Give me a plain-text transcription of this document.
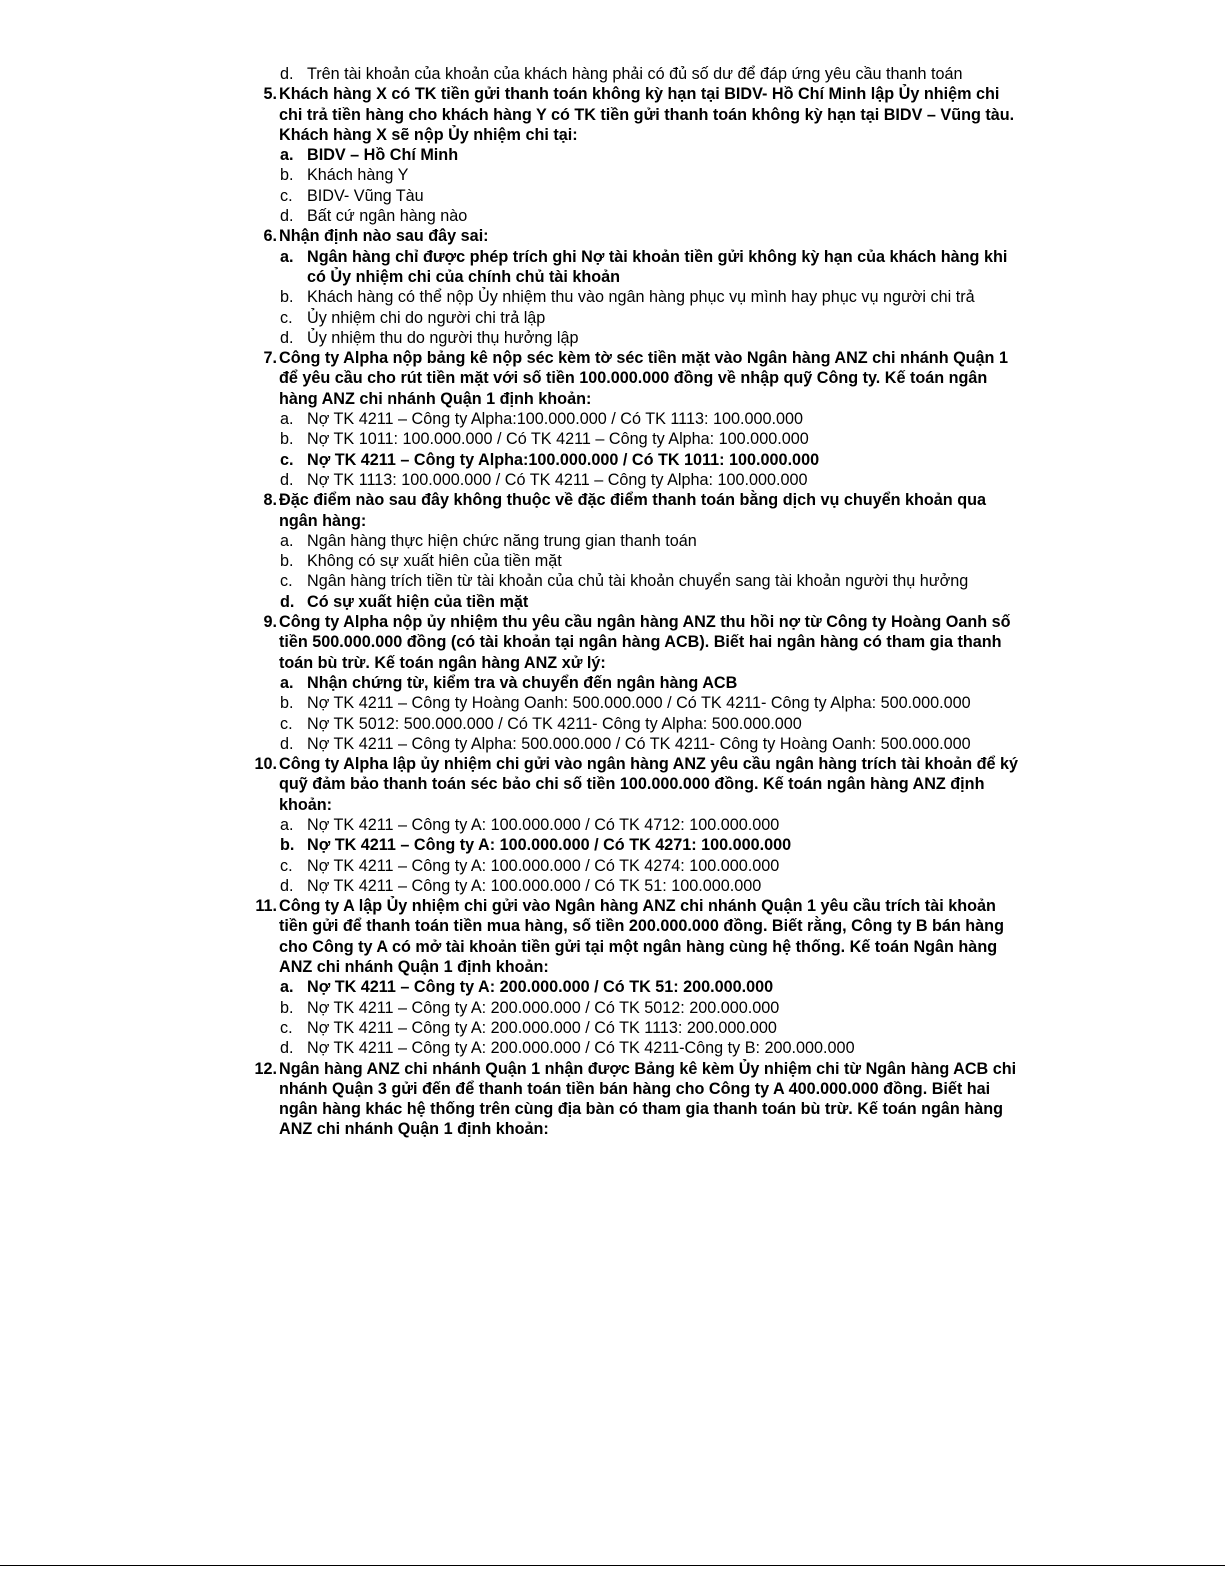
d. Trên tài khoản của khoản của khách hàng phải có đủ số dư để đáp ứng yêu cầu thanh toán
5. Khách hàng X có TK tiền gửi thanh toán không kỳ hạn tại BIDV- Hồ Chí Minh lập Ủy nhiệm chi chi trả tiền hàng cho khách hàng Y có TK tiền gửi thanh toán không kỳ hạn tại BIDV – Vũng tàu. Khách hàng X sẽ nộp Ủy nhiệm chi tại:
a. BIDV – Hồ Chí Minh
b. Khách hàng Y
c. BIDV- Vũng Tàu
d. Bất cứ ngân hàng nào
6. Nhận định nào sau đây sai:
a. Ngân hàng chỉ được phép trích ghi Nợ tài khoản tiền gửi không kỳ hạn của khách hàng khi có Ủy nhiệm chi của chính chủ tài khoản
b. Khách hàng có thể nộp Ủy nhiệm thu vào ngân hàng phục vụ mình hay phục vụ người chi trả
c. Ủy nhiệm chi do người chi trả lập
d. Ủy nhiệm thu do người thụ hưởng lập
7. Công ty Alpha nộp bảng kê nộp séc kèm tờ séc tiền mặt vào Ngân hàng ANZ chi nhánh Quận 1 để yêu cầu cho rút tiền mặt với số tiền 100.000.000 đồng về nhập quỹ Công ty. Kế toán ngân hàng ANZ chi nhánh Quận 1 định khoản:
a. Nợ TK 4211 – Công ty Alpha:100.000.000 / Có TK 1113: 100.000.000
b. Nợ TK 1011: 100.000.000 / Có TK 4211 – Công ty Alpha: 100.000.000
c. Nợ TK 4211 – Công ty Alpha:100.000.000 / Có TK 1011: 100.000.000
d. Nợ TK 1113: 100.000.000 / Có TK 4211 – Công ty Alpha: 100.000.000
8. Đặc điểm nào sau đây không thuộc về đặc điểm thanh toán bằng dịch vụ chuyển khoản qua ngân hàng:
a. Ngân hàng thực hiện chức năng trung gian thanh toán
b. Không có sự xuất hiên của tiền mặt
c. Ngân hàng trích tiền từ tài khoản của chủ tài khoản chuyển sang tài khoản người thụ hưởng
d. Có sự xuất hiện của tiền mặt
9. Công ty Alpha nộp ủy nhiệm thu yêu cầu ngân hàng ANZ thu hồi nợ từ Công ty Hoàng Oanh số tiền 500.000.000 đồng (có tài khoản tại ngân hàng ACB). Biết hai ngân hàng có tham gia thanh toán bù trừ. Kế toán ngân hàng ANZ xử lý:
a. Nhận chứng từ, kiểm tra và chuyển đến ngân hàng ACB
b. Nợ TK 4211 – Công ty Hoàng Oanh: 500.000.000 / Có TK 4211- Công ty Alpha: 500.000.000
c. Nợ TK 5012: 500.000.000 / Có TK 4211- Công ty Alpha: 500.000.000
d. Nợ TK 4211 – Công ty Alpha: 500.000.000 / Có TK 4211- Công ty Hoàng Oanh: 500.000.000
10. Công ty Alpha lập ủy nhiệm chi gửi vào ngân hàng ANZ yêu cầu ngân hàng trích tài khoản để ký quỹ đảm bảo thanh toán séc bảo chi số tiền 100.000.000 đồng. Kế toán ngân hàng ANZ định khoản:
a. Nợ TK 4211 – Công ty A: 100.000.000 / Có TK 4712: 100.000.000
b. Nợ TK 4211 – Công ty A: 100.000.000 / Có TK 4271: 100.000.000
c. Nợ TK 4211 – Công ty A: 100.000.000 / Có TK 4274: 100.000.000
d. Nợ TK 4211 – Công ty A: 100.000.000 / Có TK 51: 100.000.000
11. Công ty A lập Ủy nhiệm chi gửi vào Ngân hàng ANZ chi nhánh Quận 1 yêu cầu trích tài khoản tiền gửi để thanh toán tiền mua hàng, số tiền 200.000.000 đồng. Biết rằng, Công ty B bán hàng cho Công ty A có mở tài khoản tiền gửi tại một ngân hàng cùng hệ thống. Kế toán Ngân hàng ANZ chi nhánh Quận 1 định khoản:
a. Nợ TK 4211 – Công ty A: 200.000.000 / Có TK 51: 200.000.000
b. Nợ TK 4211 – Công ty A: 200.000.000 / Có TK 5012: 200.000.000
c. Nợ TK 4211 – Công ty A: 200.000.000 / Có TK 1113: 200.000.000
d. Nợ TK 4211 – Công ty A: 200.000.000 / Có TK 4211-Công ty B: 200.000.000
12. Ngân hàng ANZ chi nhánh Quận 1 nhận được Bảng kê kèm Ủy nhiệm chi từ Ngân hàng ACB chi nhánh Quận 3 gửi đến để thanh toán tiền bán hàng cho Công ty A 400.000.000 đồng. Biết hai ngân hàng khác hệ thống trên cùng địa bàn có tham gia thanh toán bù trừ. Kế toán ngân hàng ANZ chi nhánh Quận 1 định khoản:
